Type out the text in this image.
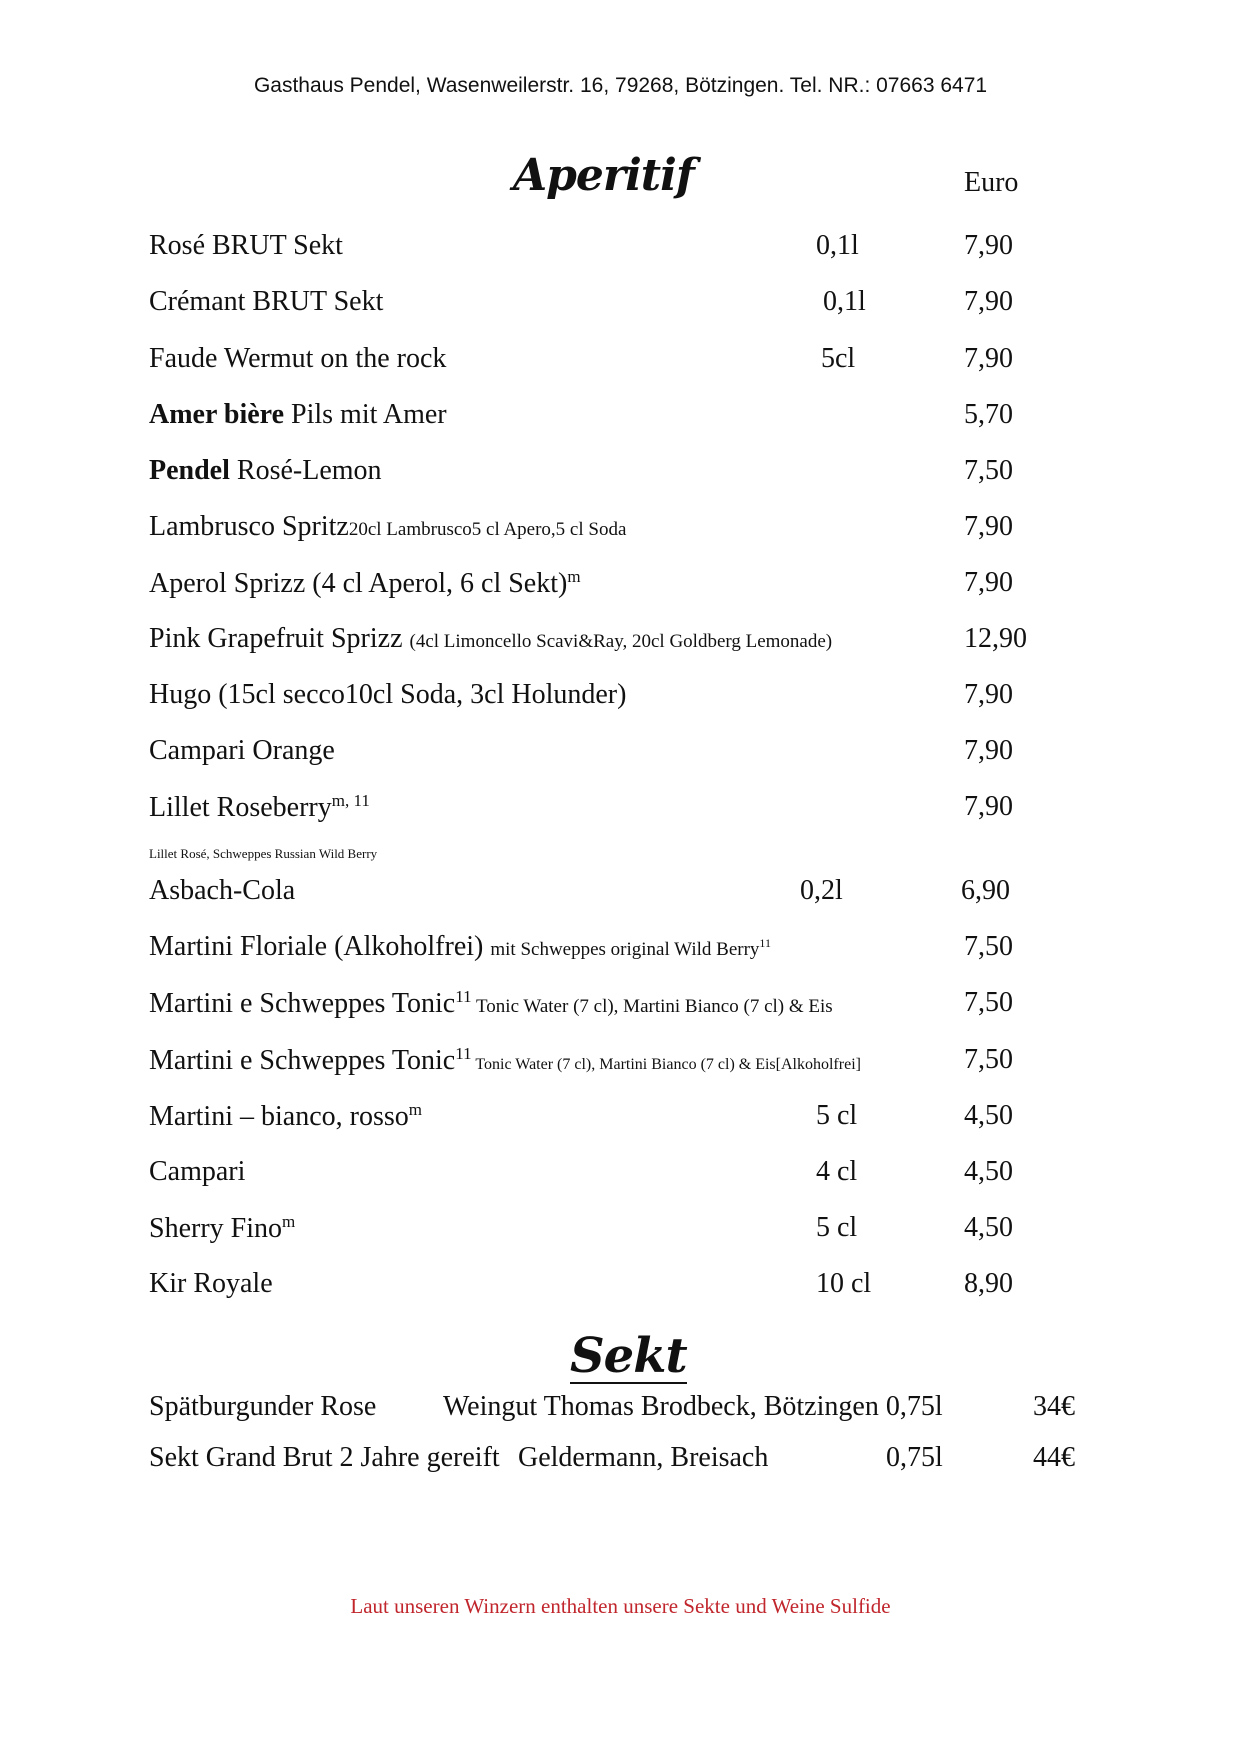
Gasthaus Pendel, Wasenweilerstr. 16, 79268, Bötzingen. Tel. NR.: 07663 6471
Aperitif	Euro
Rosé BRUT Sekt	0,1l	7,90
Crémant BRUT Sekt	0,1l	7,90
Faude Wermut on the rock	5cl	7,90
Amer bière Pils mit Amer	5,70
Pendel Rosé-Lemon	7,50
Lambrusco Spritz20cl Lambrusco5 cl Apero,5 cl Soda	7,90
Aperol Sprizz (4 cl Aperol, 6 cl Sekt)$^m$	7,90
Pink Grapefruit Sprizz (4cl Limoncello Scavi&Ray, 20cl Goldberg Lemonade)	12,90
Hugo (15cl secco10cl Soda, 3cl Holunder)	7,90
Campari Orange	7,90
Lillet Roseberry$^{m, 11}$	7,90
Lillet Rosé, Schweppes Russian Wild Berry
Asbach-Cola	0,2l	6,90
Martini Floriale (Alkoholfrei) mit Schweppes original Wild Berry$^{11}$	7,50
Martini e Schweppes Tonic$^{11}$ Tonic Water (7 cl), Martini Bianco (7 cl) & Eis	7,50
Martini e Schweppes Tonic$^{11}$ Tonic Water (7 cl), Martini Bianco (7 cl) & Eis[Alkoholfrei]	7,50
Martini – bianco, rosso$^m$	5 cl	4,50
Campari	4 cl	4,50
Sherry Fino$^m$	5 cl	4,50
Kir Royale	10 cl	8,90
Sekt
Spätburgunder Rose Weingut Thomas Brodbeck, Bötzingen 0,75l	34€
Sekt Grand Brut 2 Jahre gereift Geldermann, Breisach	0,75l	44€
Laut unseren Winzern enthalten unsere Sekte und Weine Sulfide
